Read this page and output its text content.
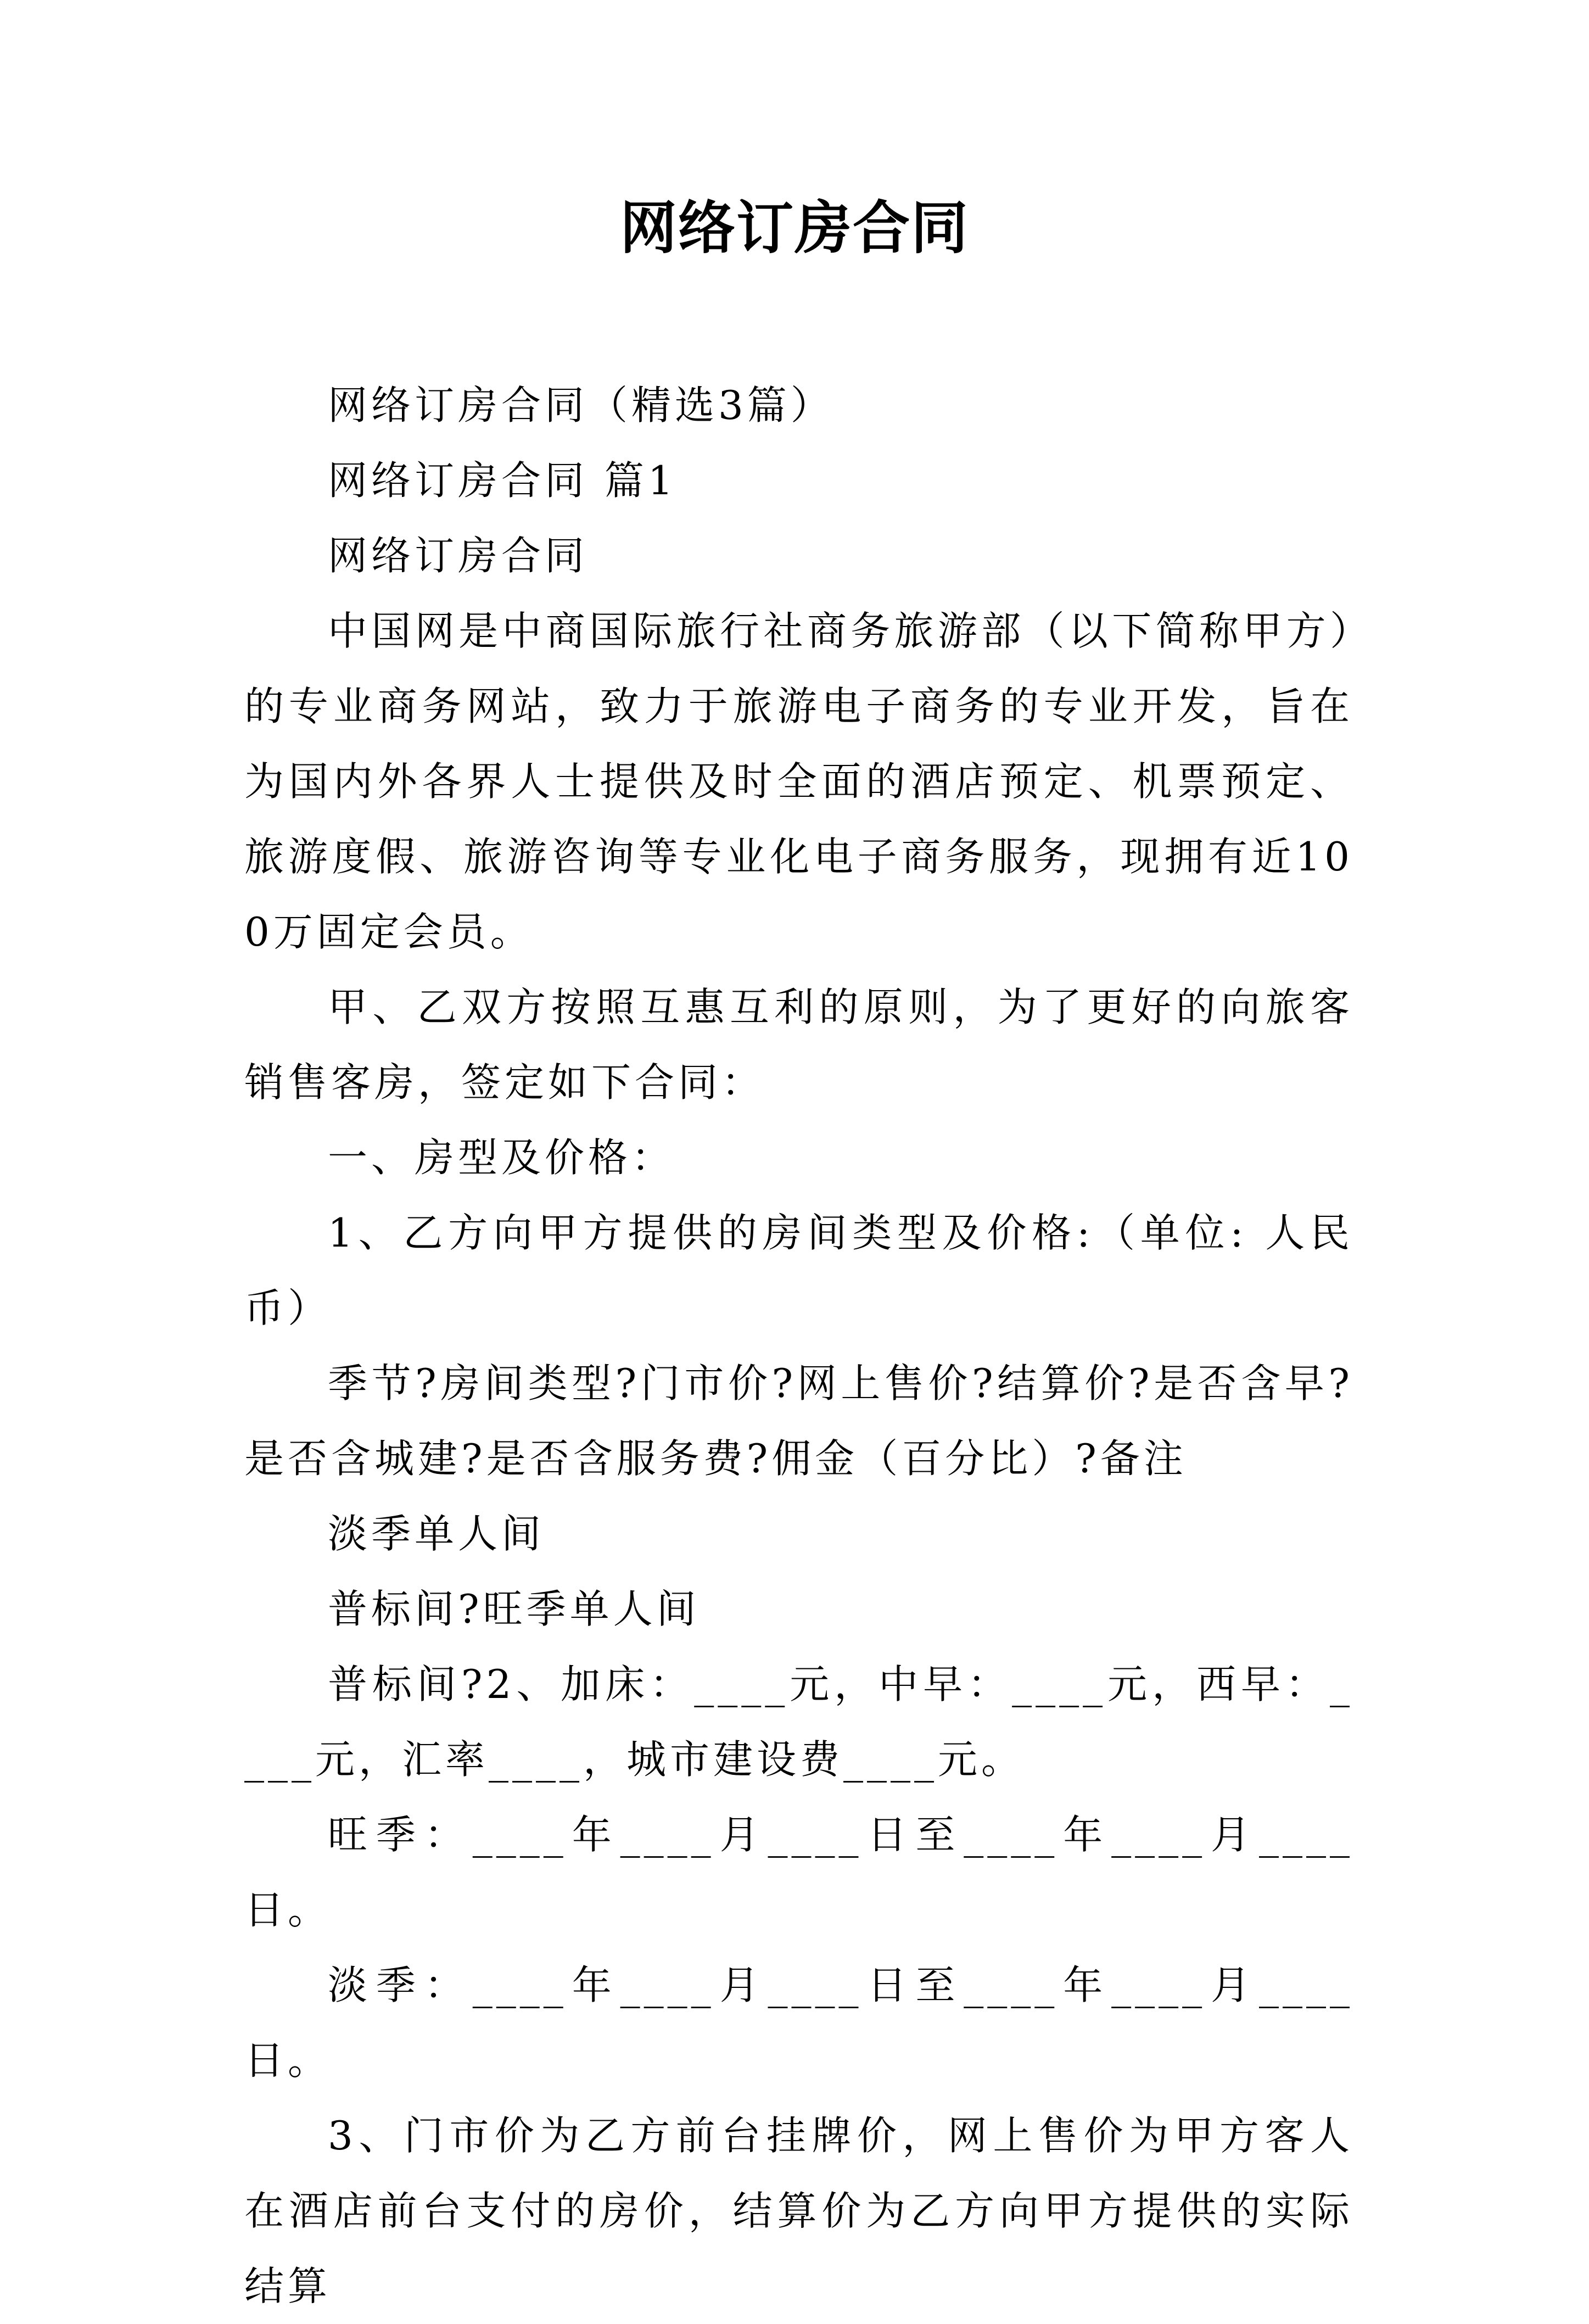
网络订房合同

网络订房合同（精选3篇）

网络订房合同 篇1

网络订房合同

中国网是中商国际旅行社商务旅游部（以下简称甲方）的专业商务网站，致力于旅游电子商务的专业开发，旨在为国内外各界人士提供及时全面的酒店预定、机票预定、旅游度假、旅游咨询等专业化电子商务服务，现拥有近100万固定会员。

甲、乙双方按照互惠互利的原则，为了更好的向旅客销售客房，签定如下合同：

一、房型及价格：

1、乙方向甲方提供的房间类型及价格:（单位: 人民币）

季节?房间类型?门市价?网上售价?结算价?是否含早?是否含城建?是否含服务费?佣金（百分比）?备注

淡季单人间

普标间?旺季单人间

普标间?2、加床：____元，中早：____元，西早：____元，汇率____，城市建设费____元。

旺季：____年____月____日至____年____月____日。

淡季：____年____月____日至____年____月____日。

3、门市价为乙方前台挂牌价，网上售价为甲方客人在酒店前台支付的房价，结算价为乙方向甲方提供的实际结算
